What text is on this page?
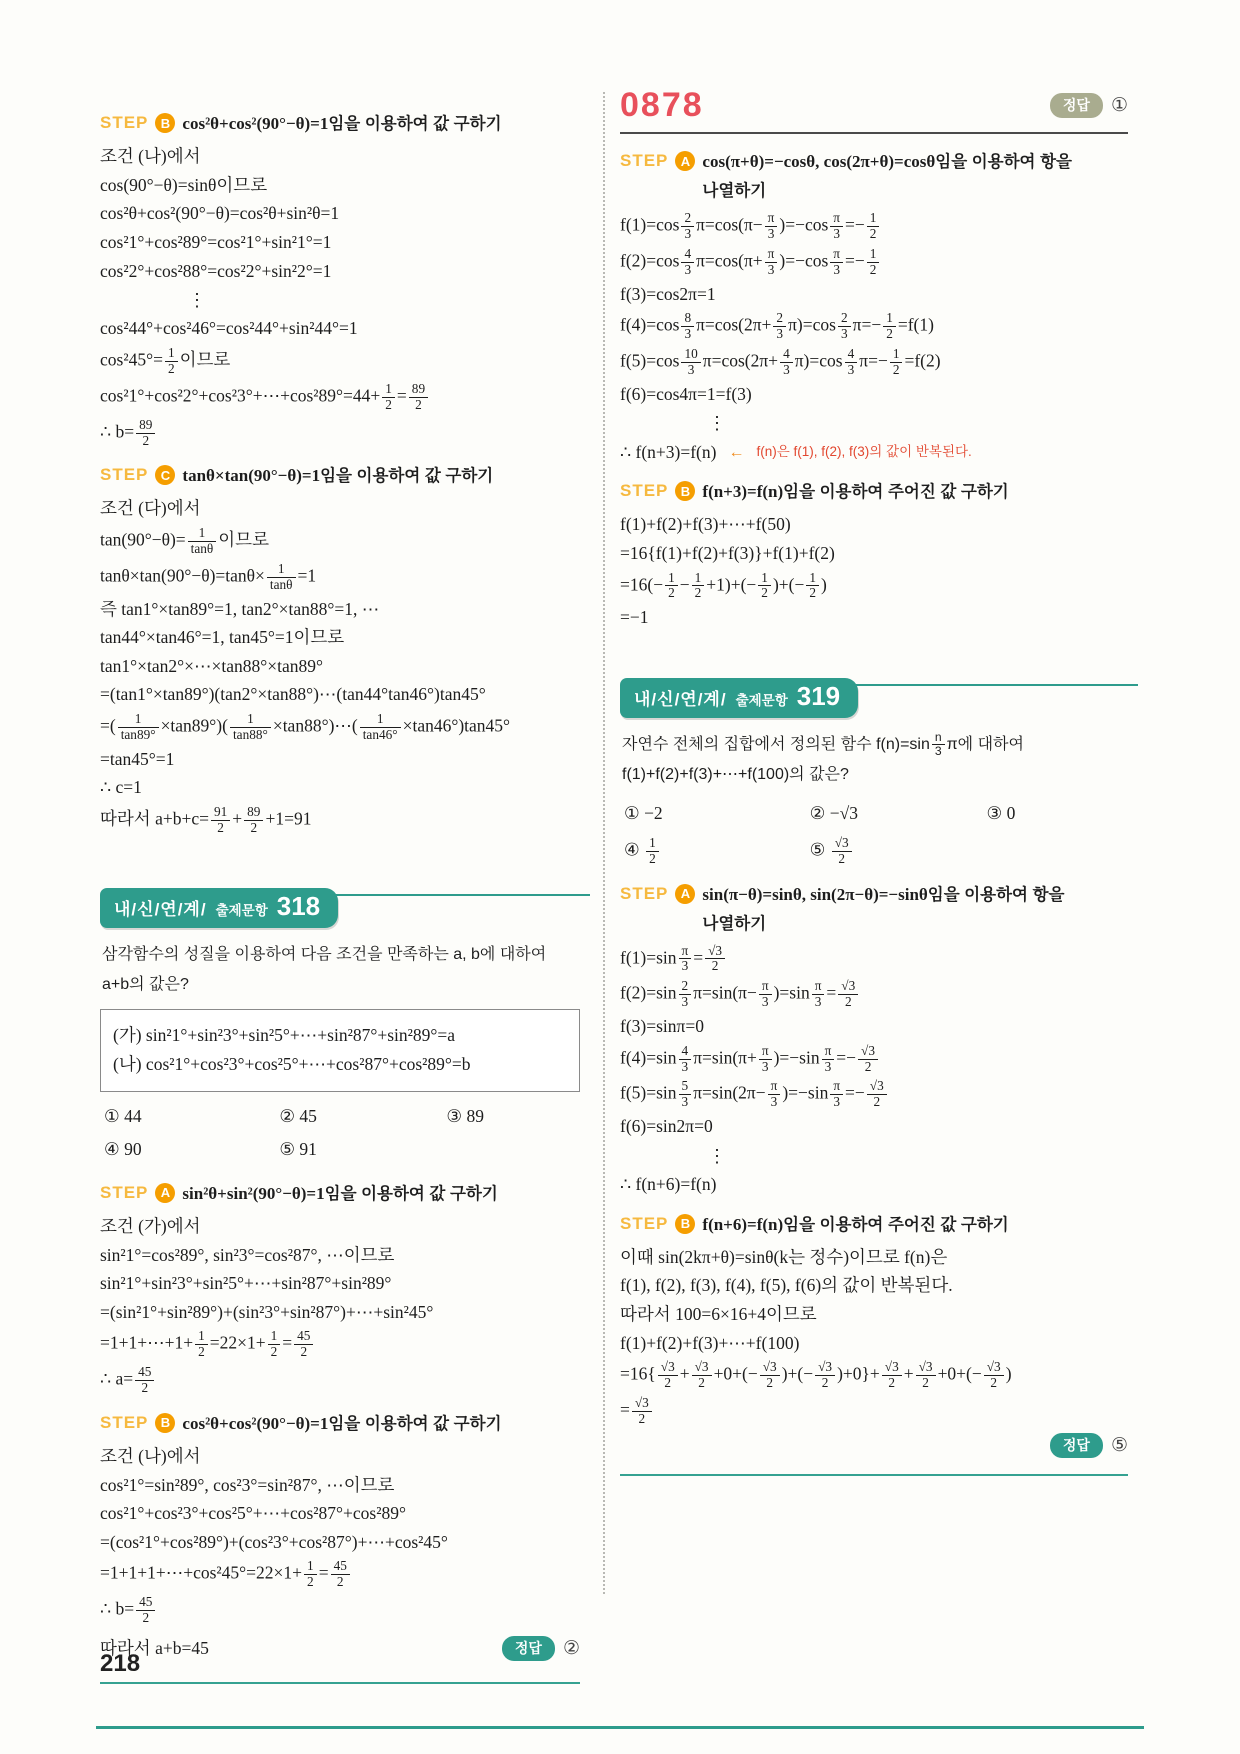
STEP B cos²θ+cos²(90°−θ)=1임을 이용하여 값 구하기
조건 (나)에서
cos(90°−θ)=sinθ이므로
cos²θ+cos²(90°−θ)=cos²θ+sin²θ=1
cos²1°+cos²89°=cos²1°+sin²1°=1
cos²2°+cos²88°=cos²2°+sin²2°=1
⋮
cos²44°+cos²46°=cos²44°+sin²44°=1
$\cos^245^\circ= \frac{1}{2}$ 이므로
cos²1°+cos²2°+cos²3°+⋯+cos²89°=44+ $\frac{1}{2} = \frac{89}{2}$
∴ $b= \frac{89}{2}$
STEP C tanθ×tan(90°−θ)=1임을 이용하여 값 구하기
조건 (다)에서
$\tan(90^\circ-\theta)= \frac{1}{\tan\theta}$ 이므로
$\tan\theta\times\tan(90^\circ-\theta)=\tan\theta\times \frac{1}{\tan\theta} =1$
즉 tan1°×tan89°=1, tan2°×tan88°=1, ⋯
tan44°×tan46°=1, tan45°=1이므로
tan1°×tan2°×⋯×tan88°×tan89°
=(tan1°×tan89°)(tan2°×tan88°)⋯(tan44°tan46°)tan45°
=( $\frac{1}{\tan 89^\circ} \times\tan 89^\circ)( \frac{1}{\tan 88^\circ}$ ×tan88°)⋯( $\frac{1}{\tan 46^\circ} \times\tan 46^\circ)\tan 45^\circ$
=tan45°=1
∴ c=1
따라서 $a+b+c= \frac{91}{2} + \frac{89}{2} +1=91$
내/신/연/계/ 출제문항 318
삼각함수의 성질을 이용하여 다음 조건을 만족하는 a, b에 대하여
a+b의 값은?
(가) sin²1°+sin²3°+sin²5°+⋯+sin²87°+sin²89°=a
(나) cos²1°+cos²3°+cos²5°+⋯+cos²87°+cos²89°=b
① 44	② 45	③ 89
④ 90	⑤ 91
STEP A sin²θ+sin²(90°−θ)=1임을 이용하여 값 구하기
조건 (가)에서
sin²1°=cos²89°, sin²3°=cos²87°, ⋯이므로
sin²1°+sin²3°+sin²5°+⋯+sin²87°+sin²89°
=(sin²1°+sin²89°)+(sin²3°+sin²87°)+⋯+sin²45°
=1+1+⋯+1+ $\frac{1}{2} =22\times 1+ \frac{1}{2} = \frac{45}{2}$
∴ $a= \frac{45}{2}$
STEP B cos²θ+cos²(90°−θ)=1임을 이용하여 값 구하기
조건 (나)에서
cos²1°=sin²89°, cos²3°=sin²87°, ⋯이므로
cos²1°+cos²3°+cos²5°+⋯+cos²87°+cos²89°
=(cos²1°+cos²89°)+(cos²3°+cos²87°)+⋯+cos²45°
=1+1+1+⋯+cos²45°=22×1+ $\frac{1}{2} = \frac{45}{2}$
∴ $b= \frac{45}{2}$
따라서 a+b=45	정답	②
0878	정답	①
STEP A cos(π+θ)=−cosθ, cos(2π+θ)=cosθ임을 이용하여 항을
나열하기
$f(1)=\cos \frac{2}{3} \pi=\cos(\pi- \frac{\pi}{3} )=-\cos \frac{\pi}{3} =- \frac{1}{2}$
$f(2)=\cos \frac{4}{3} \pi=\cos(\pi+ \frac{\pi}{3} )=-\cos \frac{\pi}{3} =- \frac{1}{2}$
f(3)=cos2π=1
$f(4)=\cos \frac{8}{3} \pi=\cos(2\pi+ \frac{2}{3} \pi)=\cos \frac{2}{3} \pi=- \frac{1}{2} =f(1)$
$f(5)=\cos \frac{10}{3} \pi=\cos(2\pi+ \frac{4}{3} \pi)=\cos \frac{4}{3} \pi=- \frac{1}{2} =f(2)$
f(6)=cos4π=1=f(3)
⋮
∴ f(n+3)=f(n) ← f(n)은 f(1), f(2), f(3)의 값이 반복된다.
STEP B f(n+3)=f(n)임을 이용하여 주어진 값 구하기
f(1)+f(2)+f(3)+⋯+f(50)
=16{f(1)+f(2)+f(3)}+f(1)+f(2)
$=16(- \frac{1}{2} - \frac{1}{2} +1)+(- \frac{1}{2}$ )+(− $\frac{1}{2}$ )
=−1
내/신/연/계/ 출제문항 319
자연수 전체의 집합에서 정의된 함수 $f(n)=\sin \frac{n}{3}$ π에 대하여
f(1)+f(2)+f(3)+⋯+f(100)의 값은?
① −2	② −√3	③ 0
④ $\frac{1}{2}$	⑤ $\frac{√3}{2}$
STEP A sin(π−θ)=sinθ, sin(2π−θ)=−sinθ임을 이용하여 항을
나열하기
$f(1)=\sin \frac{\pi}{3} = \frac{√3}{2}$
$f(2)=\sin \frac{2}{3} \pi=\sin(\pi- \frac{\pi}{3} )=\sin \frac{\pi}{3} = \frac{√3}{2}$
f(3)=sinπ=0
$f(4)=\sin \frac{4}{3} \pi=\sin(\pi+ \frac{\pi}{3} )=-\sin \frac{\pi}{3} =- \frac{√3}{2}$
$f(5)=\sin \frac{5}{3} \pi=\sin(2\pi- \frac{\pi}{3} )=-\sin \frac{\pi}{3} =- \frac{√3}{2}$
f(6)=sin2π=0
⋮
∴ f(n+6)=f(n)
STEP B f(n+6)=f(n)임을 이용하여 주어진 값 구하기
이때 sin(2kπ+θ)=sinθ(k는 정수)이므로 f(n)은
f(1), f(2), f(3), f(4), f(5), f(6)의 값이 반복된다.
따라서 100=6×16+4이므로
f(1)+f(2)+f(3)+⋯+f(100)
$=16\{ \frac{√3}{2} + \frac{√3}{2} +0+(- \frac{√3}{2}$ )+(− $\frac{√3}{2} )+0\}+ \frac{√3}{2} + \frac{√3}{2} +0+(- \frac{√3}{2}$ )
= $\frac{√3}{2}$
정답	⑤
218
